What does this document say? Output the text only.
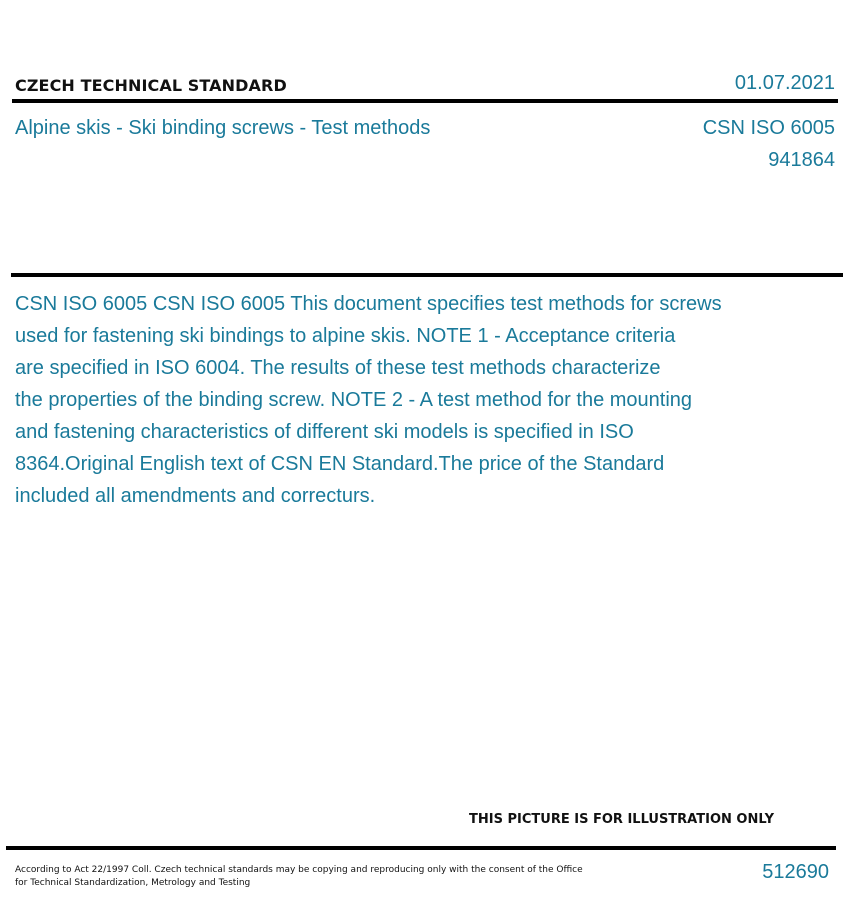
CZECH TECHNICAL STANDARD	01.07.2021
Alpine skis - Ski binding screws - Test methods	CSN ISO 6005
941864
CSN ISO 6005 CSN ISO 6005 This document specifies test methods for screws
used for fastening ski bindings to alpine skis. NOTE 1 - Acceptance criteria
are specified in ISO 6004. The results of these test methods characterize
the properties of the binding screw. NOTE 2 - A test method for the mounting
and fastening characteristics of different ski models is specified in ISO
8364.Original English text of CSN EN Standard.The price of the Standard
included all amendments and correcturs.
THIS PICTURE IS FOR ILLUSTRATION ONLY
According to Act 22/1997 Coll. Czech technical standards may be copying and reproducing only with the consent of the Office
for Technical Standardization, Metrology and Testing	512690
